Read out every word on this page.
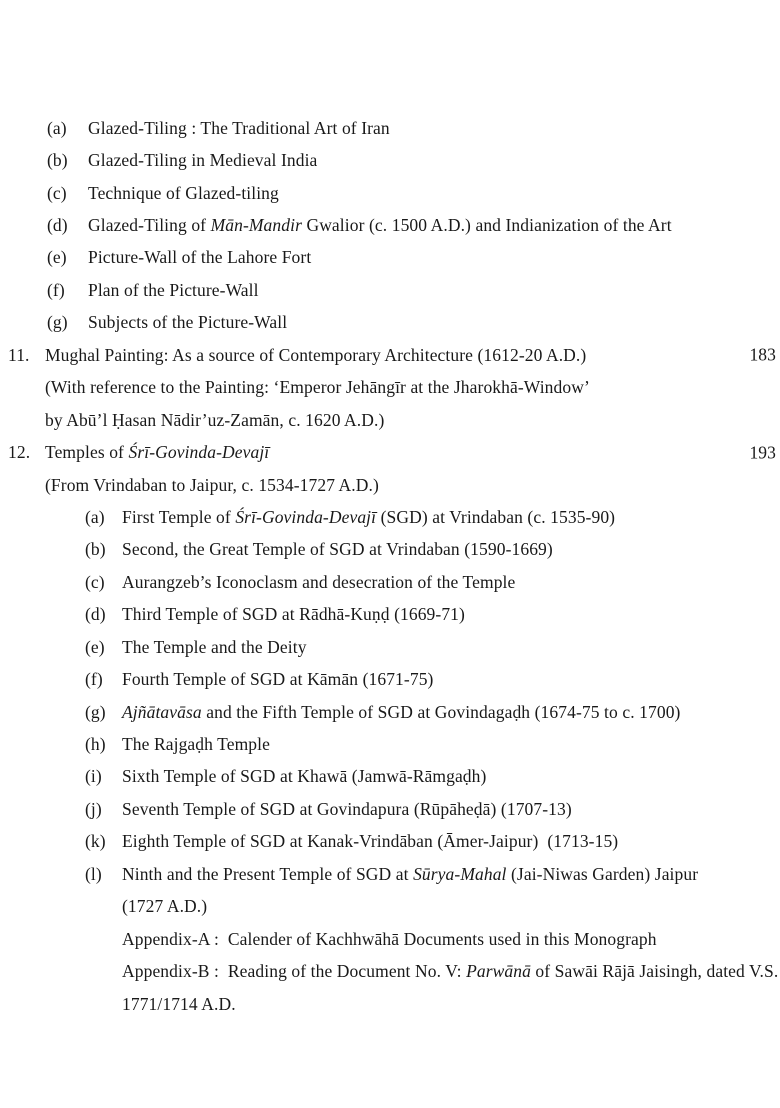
(a)	Glazed-Tiling : The Traditional Art of Iran
(b)	Glazed-Tiling in Medieval India
(c)	Technique of Glazed-tiling
(d)	Glazed-Tiling of Mān-Mandir Gwalior (c. 1500 A.D.) and Indianization of the Art
(e)	Picture-Wall of the Lahore Fort
(f)	Plan of the Picture-Wall
(g)	Subjects of the Picture-Wall
11. Mughal Painting: As a source of Contemporary Architecture (1612-20 A.D.)	183
(With reference to the Painting: ‘Emperor Jehāngīr at the Jharokhā-Window’
by Abū’l Ḥasan Nādir’uz-Zamān, c. 1620 A.D.)
12. Temples of Śrī-Govinda-Devajī	193
(From Vrindaban to Jaipur, c. 1534-1727 A.D.)
(a) First Temple of Śrī-Govinda-Devajī (SGD) at Vrindaban (c. 1535-90)
(b) Second, the Great Temple of SGD at Vrindaban (1590-1669)
(c) Aurangzeb’s Iconoclasm and desecration of the Temple
(d) Third Temple of SGD at Rādhā-Kuṇḍ (1669-71)
(e) The Temple and the Deity
(f)	Fourth Temple of SGD at Kāmān (1671-75)
(g) Ajñātavāsa and the Fifth Temple of SGD at Govindagaḍh (1674-75 to c. 1700)
(h) The Rajgaḍh Temple
(i)	Sixth Temple of SGD at Khawā (Jamwā-Rāmgaḍh)
(j)	Seventh Temple of SGD at Govindapura (Rūpāheḍā) (1707-13)
(k) Eighth Temple of SGD at Kanak-Vrindāban (Āmer-Jaipur)  (1713-15)
(l)	Ninth and the Present Temple of SGD at Sūrya-Mahal (Jai-Niwas Garden) Jaipur
(1727 A.D.)
Appendix-A :  Calender of Kachhwāhā Documents used in this Monograph
Appendix-B :  Reading of the Document No. V: Parwānā of Sawāi Rājā Jaisingh, dated V.S.
1771/1714 A.D.
